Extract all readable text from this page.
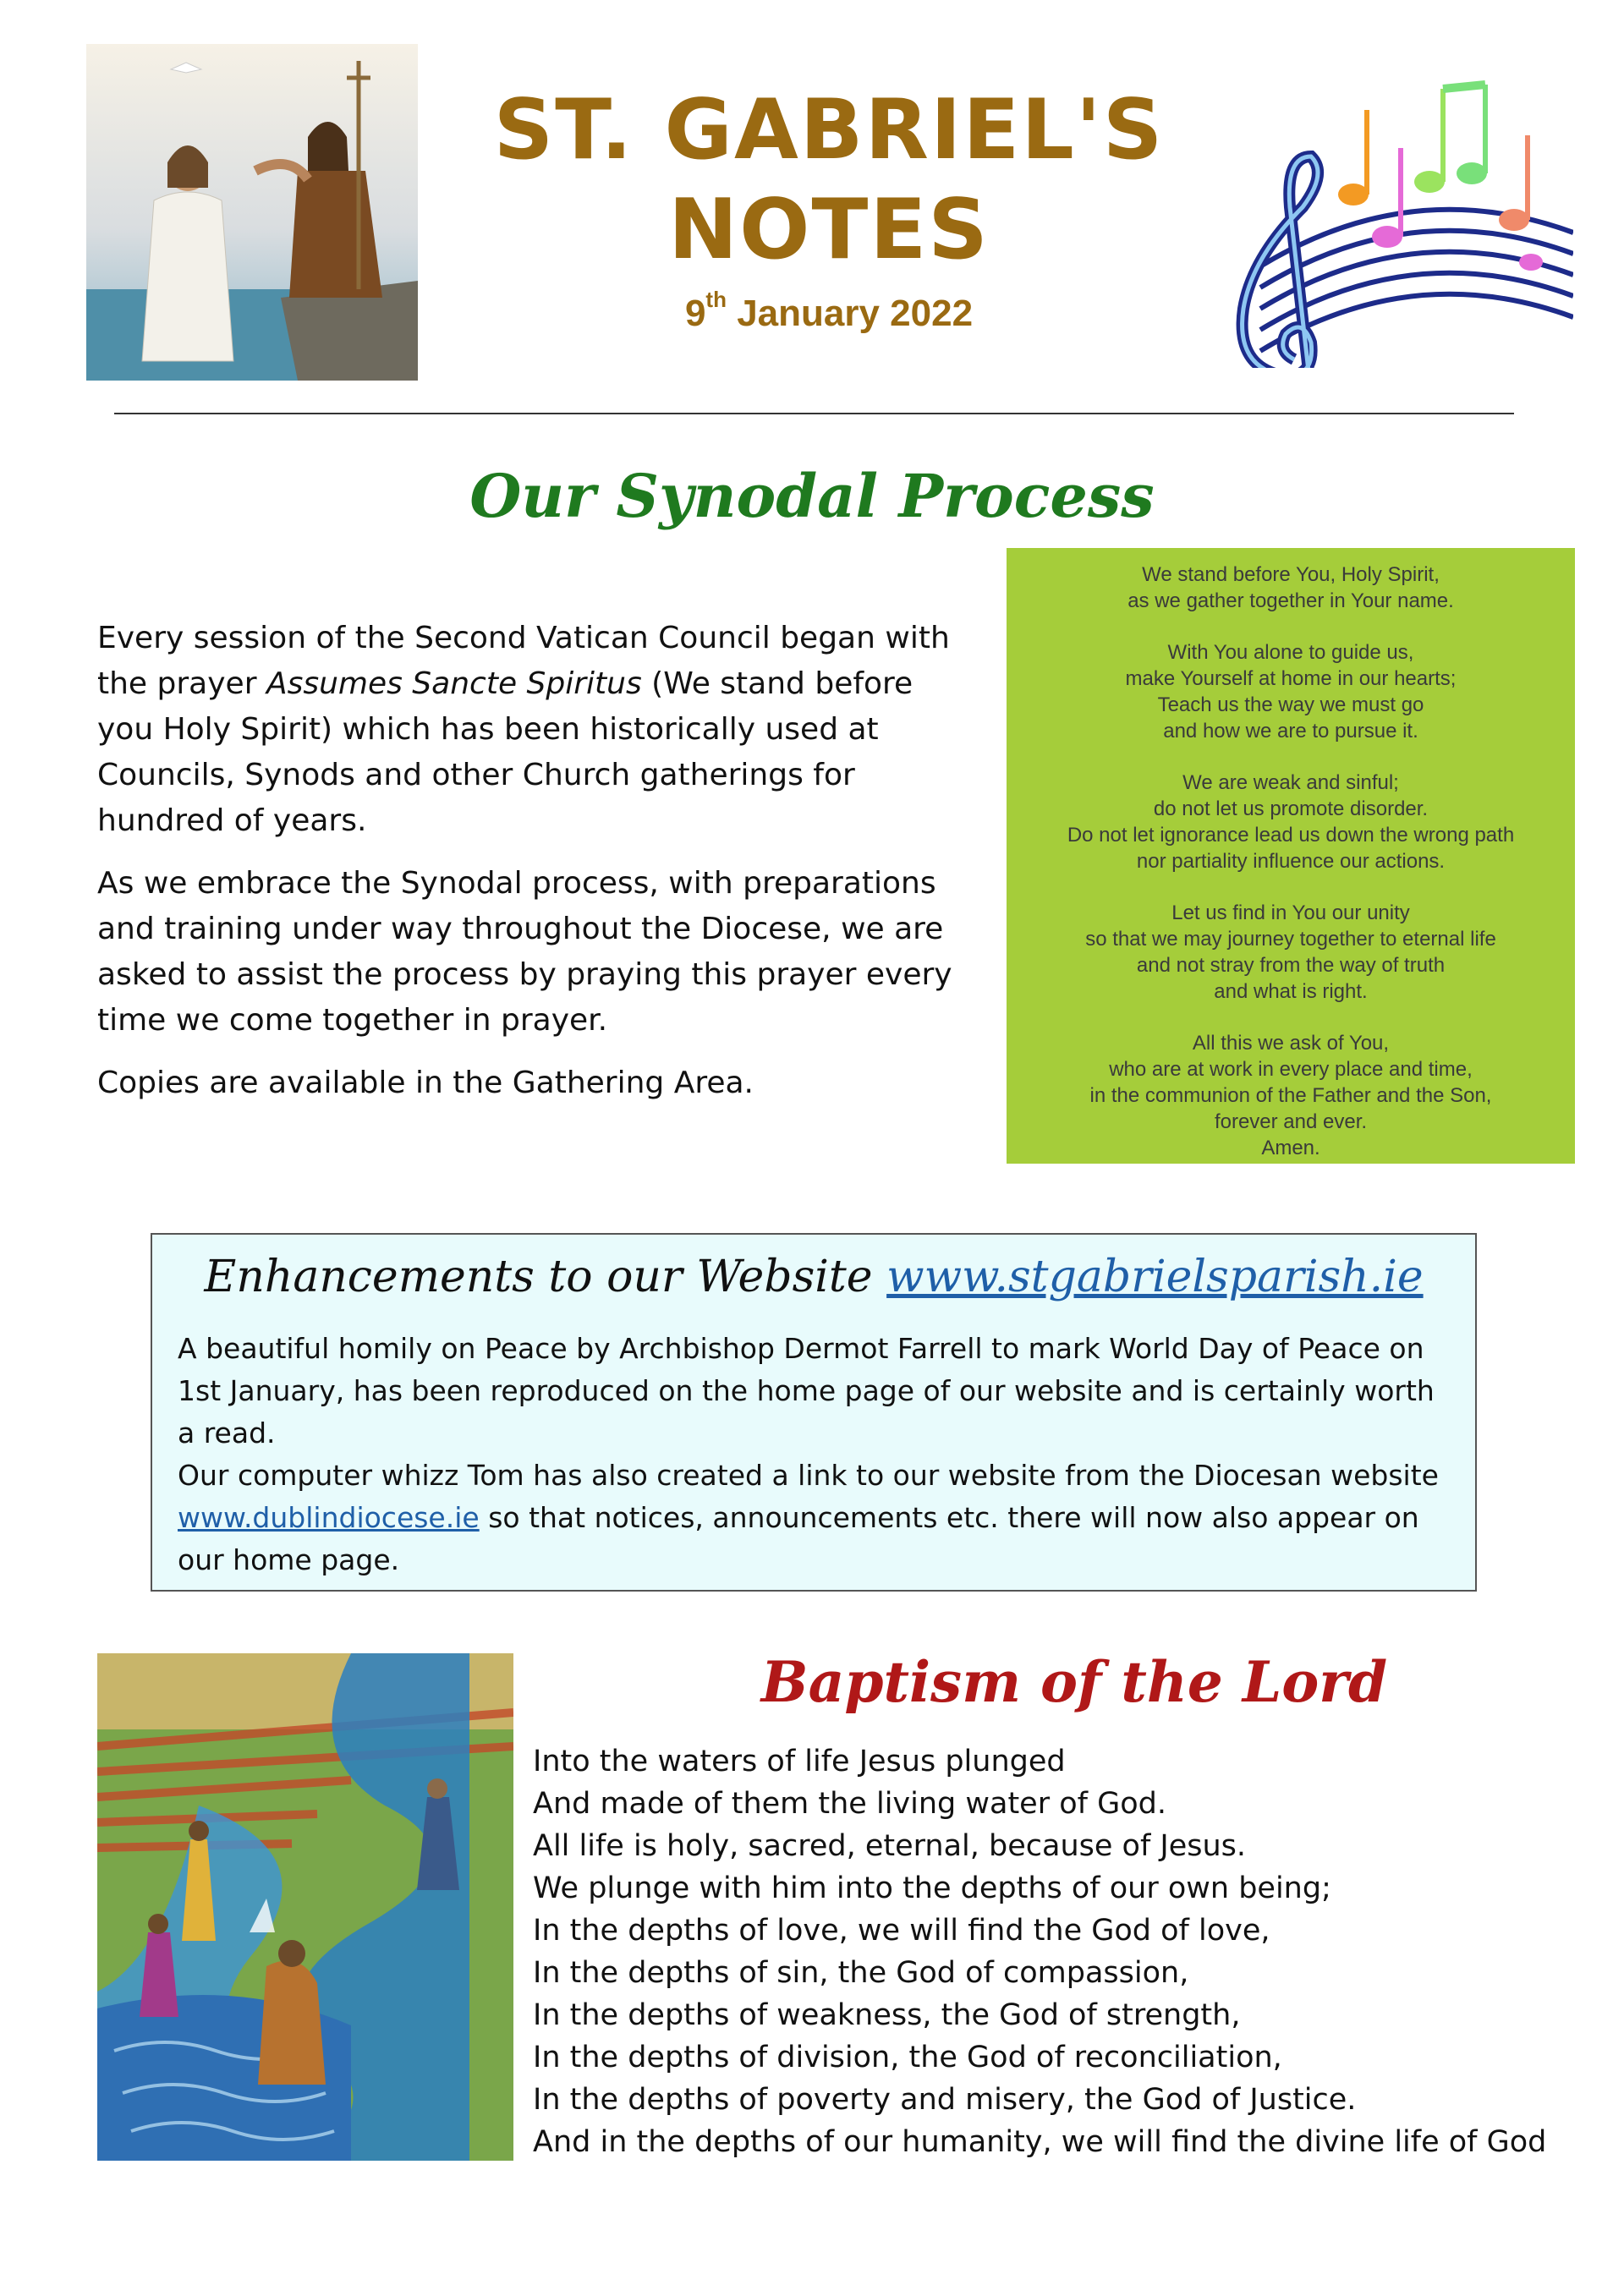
ST. GABRIEL'S
NOTES
9th January 2022
Our Synodal Process

Every session of the Second Vatican Council began with the prayer Assumes Sancte Spiritus (We stand before you Holy Spirit) which has been historically used at Councils, Synods and other Church gatherings for hundred of years.

As we embrace the Synodal process, with preparations and training under way throughout the Diocese, we are asked to assist the process by praying this prayer every time we come together in prayer.

Copies are available in the Gathering Area.

We stand before You, Holy Spirit,
as we gather together in Your name.
With You alone to guide us,
make Yourself at home in our hearts;
Teach us the way we must go
and how we are to pursue it.
We are weak and sinful;
do not let us promote disorder.
Do not let ignorance lead us down the wrong path
nor partiality influence our actions.
Let us find in You our unity
so that we may journey together to eternal life
and not stray from the way of truth
and what is right.
All this we ask of You,
who are at work in every place and time,
in the communion of the Father and the Son,
forever and ever.
Amen.
Enhancements to our Website www.stgabrielsparish.ie
A beautiful homily on Peace by Archbishop Dermot Farrell to mark World Day of Peace on 1st January, has been reproduced on the home page of our website and is certainly worth a read.
Our computer whizz Tom has also created a link to our website from the Diocesan website www.dublindiocese.ie so that notices, announcements etc. there will now also appear on our home page.
Baptism of the Lord
Into the waters of life Jesus plunged
And made of them the living water of God.
All life is holy, sacred, eternal, because of Jesus.
We plunge with him into the depths of our own being;
In the depths of love, we will find the God of love,
In the depths of sin, the God of compassion,
In the depths of weakness, the God of strength,
In the depths of division, the God of reconciliation,
In the depths of poverty and misery, the God of Justice.
And in the depths of our humanity, we will find the divine life of God
